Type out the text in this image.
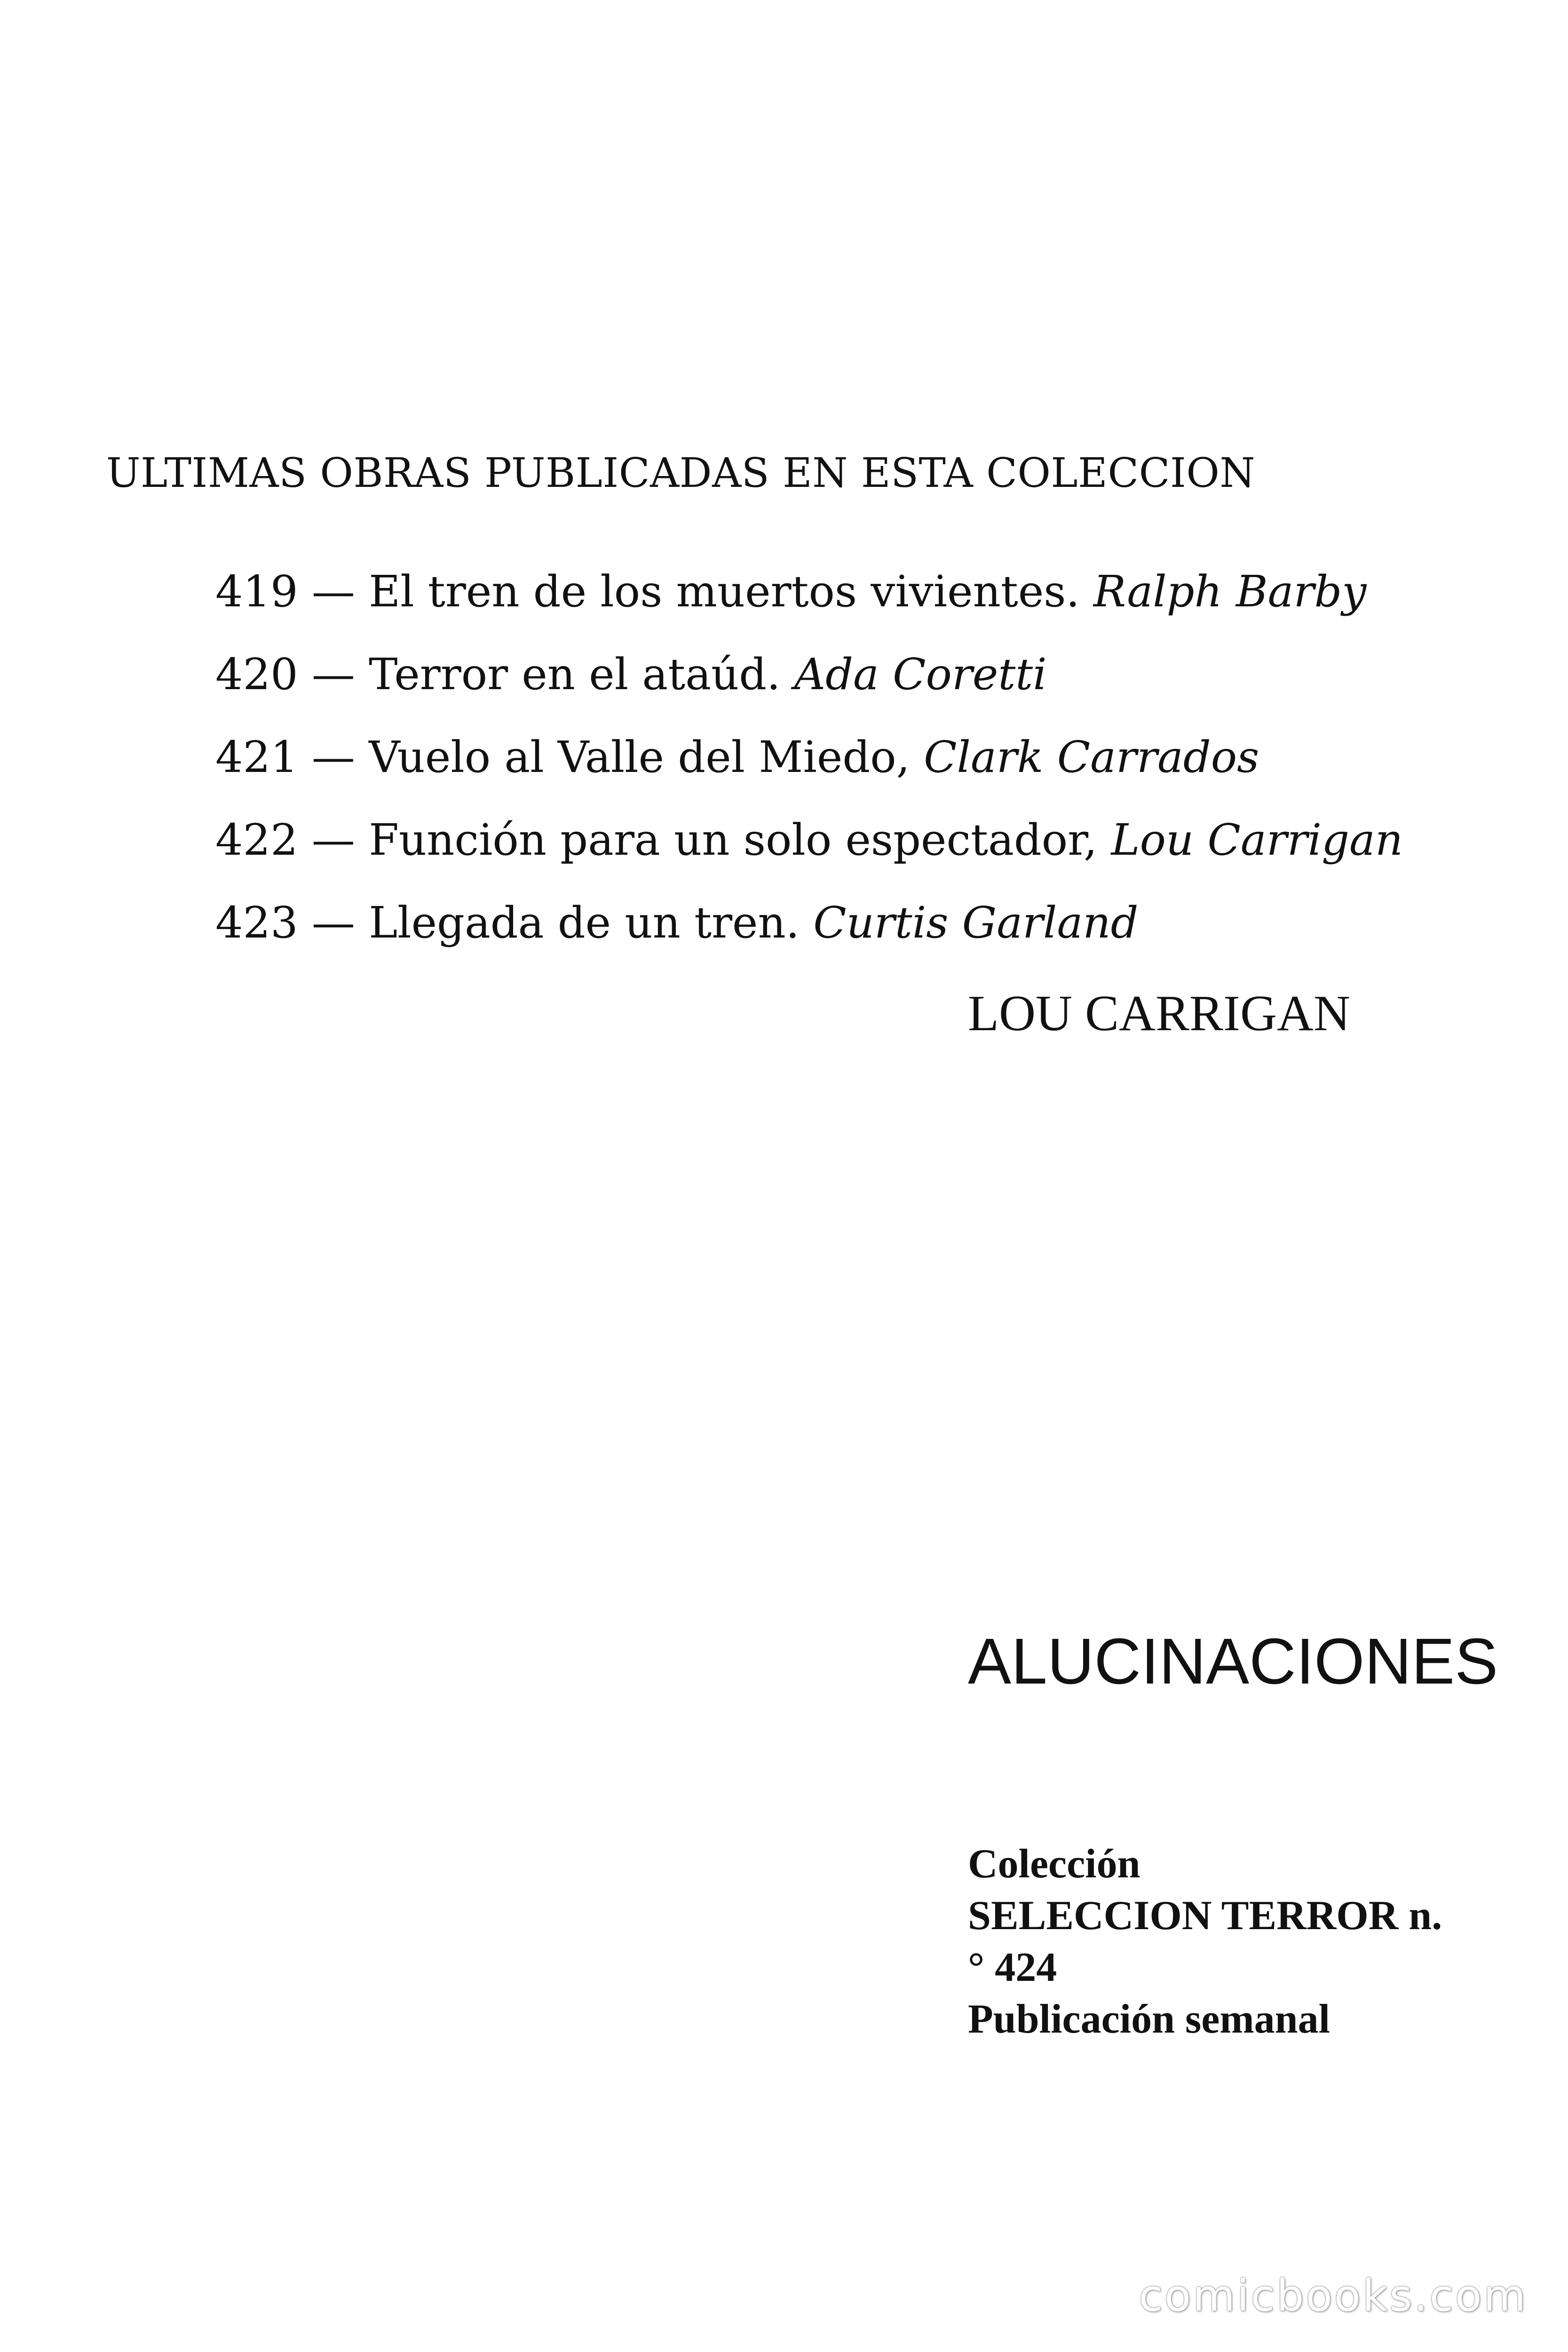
ULTIMAS OBRAS PUBLICADAS EN ESTA COLECCION
419 — El tren de los muertos vivientes. Ralph Barby
420 — Terror en el ataúd. Ada Coretti
421 — Vuelo al Valle del Miedo, Clark Carrados
422 — Función para un solo espectador, Lou Carrigan
423 — Llegada de un tren. Curtis Garland
LOU CARRIGAN
ALUCINACIONES
Colección
SELECCION TERROR n.
° 424
Publicación semanal
comicbooks.com
